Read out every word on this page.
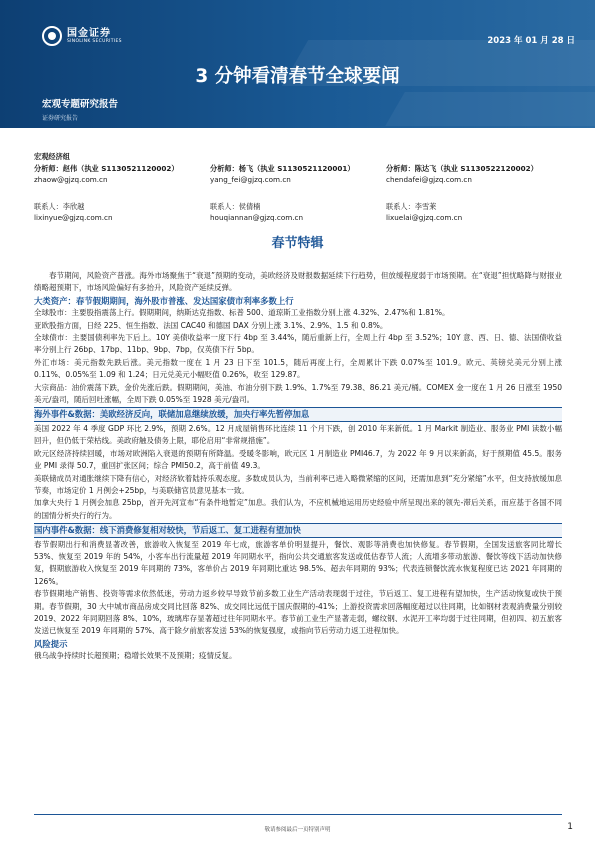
国金证券
SINOLINK SECURITIES	2023 年 01 月 28 日
3 分钟看清春节全球要闻
宏观专题研究报告
证券研究报告
宏观经济组
分析师：赵伟（执业 S1130521120002）
zhaow@gjzq.com.cn
分析师：杨飞（执业 S1130521120001）
yang_fei@gjzq.com.cn
分析师：陈达飞（执业 S1130522120002）
chendafei@gjzq.com.cn
联系人：李欣越
lixinyue@gjzq.com.cn
联系人：侯倩楠
houqiannan@gjzq.com.cn
联系人：李雪莱
lixuelai@gjzq.com.cn
春节特辑

春节期间，风险资产普涨。海外市场聚焦于“衰退”预期的变动，美欧经济及财报数据延续下行趋势，但放缓程度弱于市场预期。在“衰退”担忧略降与财报业绩略超预期下，市场风险偏好有多抬升，风险资产延续反弹。

大类资产：春节假期期间，海外股市普涨、发达国家债市利率多数上行

全球股市：主要股指震荡上行。假期期间，纳斯达克指数、标普 500、道琼斯工业指数分别上涨 4.32%、2.47%和 1.81%。

亚欧股指方面，日经 225、恒生指数、法国 CAC40 和德国 DAX 分别上涨 3.1%、2.9%、1.5 和 0.8%。

全球债市：主要国债利率先下后上。10Y 美债收益率一度下行 4bp 至 3.44%，随后重新上行，全周上行 4bp 至 3.52%；10Y 意、西、日、德、法国债收益率分别上行 26bp、17bp、11bp、9bp、7bp，仅英债下行 5bp。

外汇市场：美元指数先跌后涨。美元指数一度在 1 月 23 日下至 101.5，随后再度上行，全周累计下跌 0.07%至 101.9。欧元、英镑兑美元分别上涨 0.11%、0.05%至 1.09 和 1.24；日元兑美元小幅贬值 0.26%，收至 129.87。

大宗商品：油价震荡下跌，金价先涨后跌。假期期间，美油、布油分别下跌 1.9%、1.7%至 79.38、86.21 美元/桶。COMEX 金一度在 1 月 26 日涨至 1950 美元/盎司，随后回吐涨幅，全周下跌 0.05%至 1928 美元/盎司。

海外事件&数据：美欧经济反向，联储加息继续放缓，加央行率先暂停加息

美国 2022 年 4 季度 GDP 环比 2.9%，预期 2.6%。12 月成屋销售环比连续 11 个月下跌，创 2010 年来新低。1 月 Markit 制造业、服务业 PMI 读数小幅回升，但仍低于荣枯线。美政府触及债务上限，耶伦启用“非常规措施”。

欧元区经济持续回暖，市场对欧洲陷入衰退的预期有所降温。受暖冬影响，欧元区 1 月制造业 PMI46.7，为 2022 年 9 月以来新高，好于预期值 45.5。服务业 PMI 录得 50.7，重回扩张区间；综合 PMI50.2，高于前值 49.3。

美联储成员对通胀继续下降有信心，对经济软着陆持乐观态度。多数成员认为，当前利率已进入略微紧缩的区间，还需加息到“充分紧缩”水平，但支持放缓加息节奏，市场定价 1 月例会+25bp，与美联储官员意见基本一致。

加拿大央行 1 月例会加息 25bp，首开先河宣布“有条件地暂定”加息。我们认为，不应机械地运用历史经验中所呈现出来的领先-滞后关系，而应基于各国不同的国情分析央行的行为。

国内事件&数据：线下消费修复相对较快，节后返工、复工进程有望加快

春节假期出行和消费显著改善，旅游收入恢复至 2019 年七成，旅游客单价明显提升，餐饮、观影等消费也加快修复。春节假期，全国发送旅客同比增长 53%、恢复至 2019 年的 54%，小客车出行流量超 2019 年同期水平，指向公共交通旅客发送或低估春节人流；人流增多带动旅游、餐饮等线下活动加快修复，假期旅游收入恢复至 2019 年同期的 73%，客单价占 2019 年同期比重达 98.5%、超去年同期的 93%；代表连锁餐饮流水恢复程度已达 2021 年同期的 126%。

春节假期地产销售、投资等需求依然低迷，劳动力返乡较早导致节前多数工业生产活动表现弱于过往，节后返工、复工进程有望加快，生产活动恢复或快于预期。春节假期，30 大中城市商品房成交同比回落 82%、成交同比远低于国庆假期的-41%；上游投资需求回落幅度超过以往同期，比如钢材表观消费量分别较 2019、2022 年同期回落 8%、10%，玻璃库存显著超过往年同期水平。春节前工业生产显著走弱，螺纹钢、水泥开工率均弱于过往同期，但初四、初五旅客发送已恢复至 2019 年同期的 57%、高于除夕前旅客发送 53%的恢复强度，或指向节后劳动力返工进程加快。

风险提示

俄乌战争持续时长超预期；稳增长效果不及预期；疫情反复。

敬请参阅最后一页特别声明	1
